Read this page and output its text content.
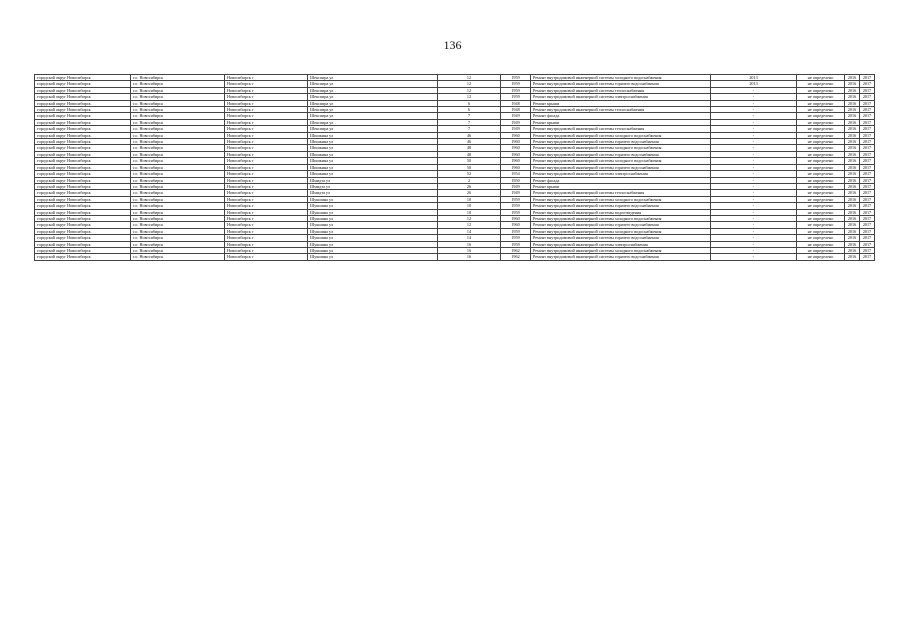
136
городской округ Новосибирск	г.о. Новосибирск	Новосибирск г	Шекспира ул	12	1959	Ремонт внутридомовой инженерной системы холодного водоснабжения	2013	не определено	2016	2017
городской округ Новосибирск	г.о. Новосибирск	Новосибирск г	Шекспира ул	12	1959	Ремонт внутридомовой инженерной системы горячего водоснабжения	2013	не определено	2016	2017
городской округ Новосибирск	г.о. Новосибирск	Новосибирск г	Шекспира ул	12	1959	Ремонт внутридомовой инженерной системы теплоснабжения	-	не определено	2016	2017
городской округ Новосибирск	г.о. Новосибирск	Новосибирск г	Шекспира ул	12	1959	Ремонт внутридомовой инженерной системы электроснабжения	-	не определено	2016	2017
городской округ Новосибирск	г.о. Новосибирск	Новосибирск г	Шекспира ул	6	1948	Ремонт крыши	-	не определено	2016	2017
городской округ Новосибирск	г.о. Новосибирск	Новосибирск г	Шекспира ул	6	1948	Ремонт внутридомовой инженерной системы теплоснабжения	-	не определено	2016	2017
городской округ Новосибирск	г.о. Новосибирск	Новосибирск г	Шекспира ул	7	1949	Ремонт фасада	-	не определено	2016	2017
городской округ Новосибирск	г.о. Новосибирск	Новосибирск г	Шекспира ул	7	1949	Ремонт крыши	-	не определено	2016	2017
городской округ Новосибирск	г.о. Новосибирск	Новосибирск г	Шекспира ул	7	1949	Ремонт внутридомовой инженерной системы теплоснабжения	-	не определено	2016	2017
городской округ Новосибирск	г.о. Новосибирск	Новосибирск г	Шишкина ул	46	1960	Ремонт внутридомовой инженерной системы холодного водоснабжения	-	не определено	2016	2017
городской округ Новосибирск	г.о. Новосибирск	Новосибирск г	Шишкина ул	46	1960	Ремонт внутридомовой инженерной системы горячего водоснабжения	-	не определено	2016	2017
городской округ Новосибирск	г.о. Новосибирск	Новосибирск г	Шишкина ул	48	1960	Ремонт внутридомовой инженерной системы холодного водоснабжения	-	не определено	2016	2017
городской округ Новосибирск	г.о. Новосибирск	Новосибирск г	Шишкина ул	48	1960	Ремонт внутридомовой инженерной системы горячего водоснабжения	-	не определено	2016	2017
городской округ Новосибирск	г.о. Новосибирск	Новосибирск г	Шишкина ул	50	1960	Ремонт внутридомовой инженерной системы холодного водоснабжения	-	не определено	2016	2017
городской округ Новосибирск	г.о. Новосибирск	Новосибирск г	Шишкина ул	50	1960	Ремонт внутридомовой инженерной системы горячего водоснабжения	-	не определено	2016	2017
городской округ Новосибирск	г.о. Новосибирск	Новосибирск г	Шишкина ул	52	1954	Ремонт внутридомовой инженерной системы электроснабжения	-	не определено	2016	2017
городской округ Новосибирск	г.о. Новосибирск	Новосибирск г	Шмидта ул	2	1950	Ремонт фасада	-	не определено	2016	2017
городской округ Новосибирск	г.о. Новосибирск	Новосибирск г	Шмидта ул	26	1949	Ремонт крыши	-	не определено	2016	2017
городской округ Новосибирск	г.о. Новосибирск	Новосибирск г	Шмидта ул	26	1949	Ремонт внутридомовой инженерной системы теплоснабжения	-	не определено	2016	2017
городской округ Новосибирск	г.о. Новосибирск	Новосибирск г	Шукшина ул	10	1959	Ремонт внутридомовой инженерной системы холодного водоснабжения	-	не определено	2016	2017
городской округ Новосибирск	г.о. Новосибирск	Новосибирск г	Шукшина ул	10	1959	Ремонт внутридомовой инженерной системы горячего водоснабжения	-	не определено	2016	2017
городской округ Новосибирск	г.о. Новосибирск	Новосибирск г	Шукшина ул	10	1959	Ремонт внутридомовой инженерной системы водоотведения	-	не определено	2016	2017
городской округ Новосибирск	г.о. Новосибирск	Новосибирск г	Шукшина ул	12	1960	Ремонт внутридомовой инженерной системы холодного водоснабжения	-	не определено	2016	2017
городской округ Новосибирск	г.о. Новосибирск	Новосибирск г	Шукшина ул	12	1960	Ремонт внутридомовой инженерной системы горячего водоснабжения	-	не определено	2016	2017
городской округ Новосибирск	г.о. Новосибирск	Новосибирск г	Шукшина ул	14	1959	Ремонт внутридомовой инженерной системы холодного водоснабжения	-	не определено	2016	2017
городской округ Новосибирск	г.о. Новосибирск	Новосибирск г	Шукшина ул	14	1959	Ремонт внутридомовой инженерной системы горячего водоснабжения	-	не определено	2016	2017
городской округ Новосибирск	г.о. Новосибирск	Новосибирск г	Шукшина ул	16	1959	Ремонт внутридомовой инженерной системы электроснабжения	-	не определено	2016	2017
городской округ Новосибирск	г.о. Новосибирск	Новосибирск г	Шукшина ул	16	1962	Ремонт внутридомовой инженерной системы холодного водоснабжения	-	не определено	2016	2017
городской округ Новосибирск	г.о. Новосибирск	Новосибирск г	Шукшина ул	16	1962	Ремонт внутридомовой инженерной системы горячего водоснабжения	-	не определено	2016	2017
